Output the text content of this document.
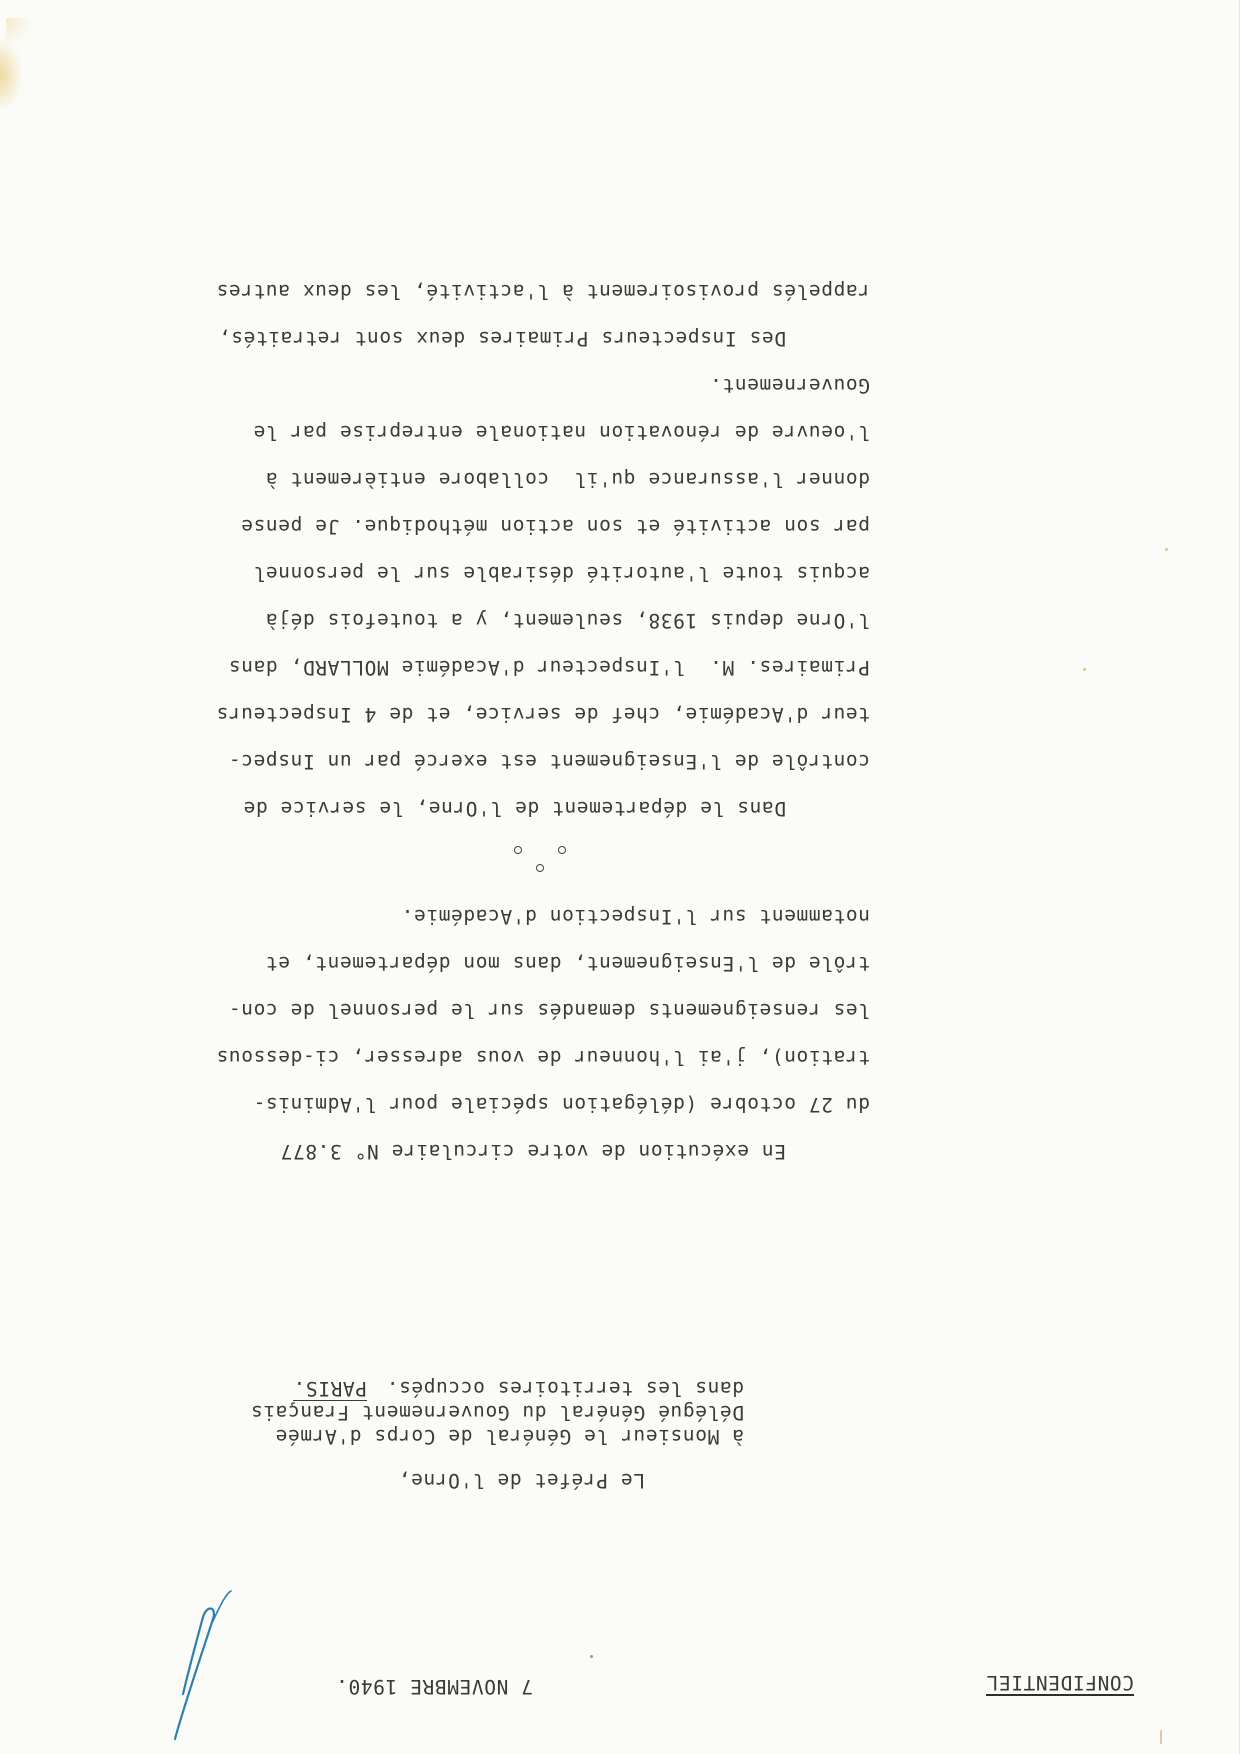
CONFIDENTIEL
7 NOVEMBRE 1940.
Le Préfet de l'Orne,
à Monsieur le Général de Corps d'Armée
Délégué Général du Gouvernement Français
dans les territoires occupés.
PARIS.
En exécution de votre circulaire N° 3.877
du 27 octobre (délégation spéciale pour l'Adminis-
tration), j'ai l'honneur de vous adresser, ci-dessous
les renseignements demandés sur le personnel de con-
trôle de l'Enseignement, dans mon département, et
notamment sur l'Inspection d'Académie.
Dans le département de l'Orne, le service de
contrôle de l'Enseignement est exercé par un Inspec-
teur d'Académie, chef de service, et de 4 Inspecteurs
Primaires. M.  l'Inspecteur d'Académie MOLLARD, dans
l'Orne depuis 1938, seulement, y a toutefois déjà
acquis toute l'autorité désirable sur le personnel
par son activité et son action méthodique. Je pense
donner l'assurance qu'il  collabore entièrement à
l'oeuvre de rénovation nationale entreprise par le
Gouvernement.
Des Inspecteurs Primaires deux sont retraités,
rappelés provisoirement à l'activité, les deux autres
